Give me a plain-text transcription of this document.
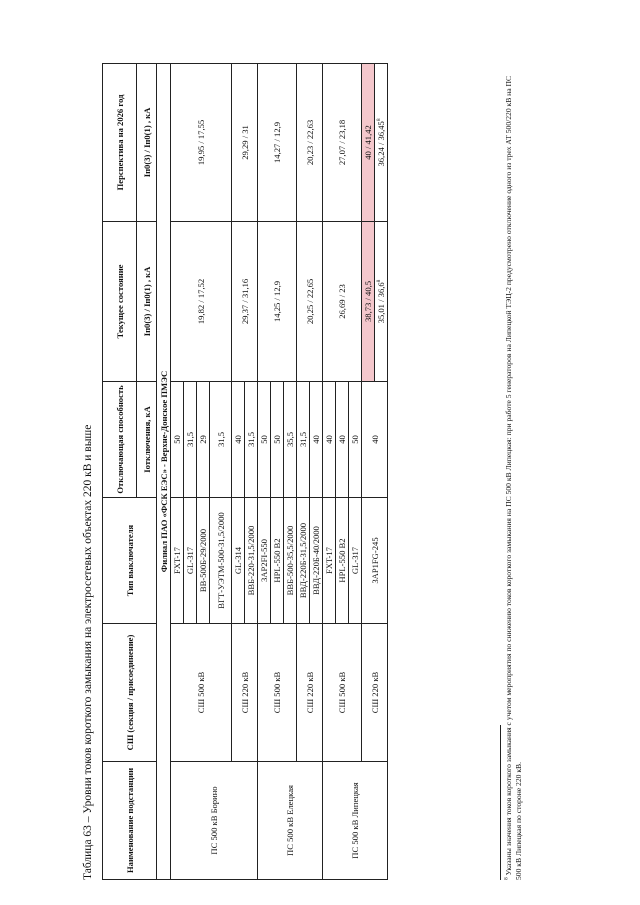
Таблица 63 – Уровни токов короткого замыкания на электросетевых объектах 220 кВ и выше	Наименование подстанции	СШ (секция / присоединение)	Тип выключателя	Отключающая способность	Текущее состояние	Перспектива на 2026 год
			Iотключения, кА	Iп0(3) / Iп0(1) , кА	Iп0(3) / Iп0(1) , кА
Филиал ПАО «ФСК ЕЭС» - Верхне-Донское ПМЭС					
ПС 500 кВ Борино	СШ 500 кВ	FXT-17	50	19,82 / 17,52	19,95 / 17,55
		GL-317	31,5		
		ВВ-500Б-29/2000	29		
		ВГТ-УЭТМ-500-31,5/2000	31,5		
	СШ 220 кВ	GL-314	40	29,37 / 31,16	29,29 / 31
		ВВБ-220-31,5/2000	31,5		
ПС 500 кВ Елецкая	СШ 500 кВ	3AP2FI-550	50	14,25 / 12,9	14,27 / 12,9
		HPL-550 B2	50		
		ВВБ-500-35,5/2000	35,5		
	СШ 220 кВ	ВВД-220Б-31,5/2000	31,5	20,25 / 22,65	20,23 / 22,63
		ВВД-220Б-40/2000	40		
ПС 500 кВ Липецкая	СШ 500 кВ	FXT-17	40	26,69 / 23	27,07 / 23,18
		HPL-550 B2	40		
		GL-317	50		
	СШ 220 кВ	3AP1FG-245	40	38,73 / 40,5	40 / 41,42
				35,01 / 36,6$^8$	36,24 / 36,45$^8$
$^8$ Указаны значения токов короткого замыкания с учетом мероприятия по снижению токов короткого замыкания на ПС 500 кВ Липецкая: при работе 5 генераторов на Липецкой ТЭЦ-2 предусмотрено отключение одного из трех АТ 500/220 кВ на ПС 500 кВ Липецкая по стороне 220 кВ.
